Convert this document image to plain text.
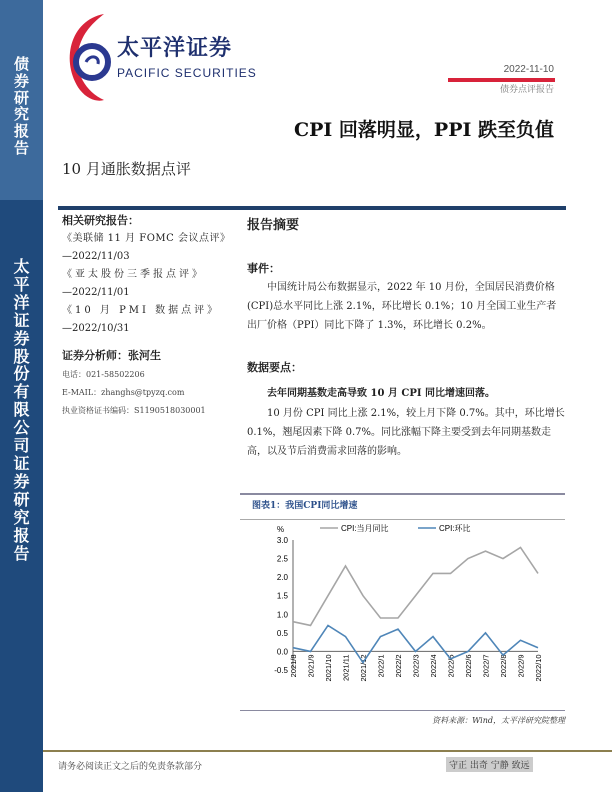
债
券
研
究
报
告
太
平
洋
证
券
股
份
有
限
公
司
证
券
研
究
报
告
太平洋证券
PACIFIC SECURITIES	2022-11-10
债券点评报告
CPI 回落明显，PPI 跌至负值
10 月通胀数据点评
相关研究报告：
《美联储 11 月 FOMC 会议点评》
—2022/11/03
《亚太股份三季报点评》
—2022/11/01
《10 月 PMI 数据点评》
—2022/10/31
证券分析师：张河生
电话：021-58502206
E-MAIL：zhanghs@tpyzq.com
执业资格证书编码：S1190518030001
报告摘要
事件：
中国统计局公布数据显示，2022 年 10 月份，全国居民消费价格(CPI)总水平同比上涨 2.1%，环比增长 0.1%；10 月全国工业生产者出厂价格（PPI）同比下降了 1.3%，环比增长 0.2%。
数据要点：
去年同期基数走高导致 10 月 CPI 同比增速回落。
10 月份 CPI 同比上涨 2.1%，较上月下降 0.7%。其中，环比增长 0.1%，翘尾因素下降 0.7%。同比涨幅下降主要受到去年同期基数走高，以及节后消费需求回落的影响。
图表1：我国CPI同比增速
%
3.0
2.5
2.0
1.5
1.0
0.5
0.0
-0.5 2021/8 2021/9 2021/10 2021/11 2021/12 2022/1 2022/2 2022/3 2022/4 2022/5 2022/6 2022/7 2022/8 2022/9 2022/10
CPI:当月同比	CPI:环比
资料来源：Wind，太平洋研究院整理
请务必阅读正文之后的免责条款部分	守正 出奇 宁静 致远
